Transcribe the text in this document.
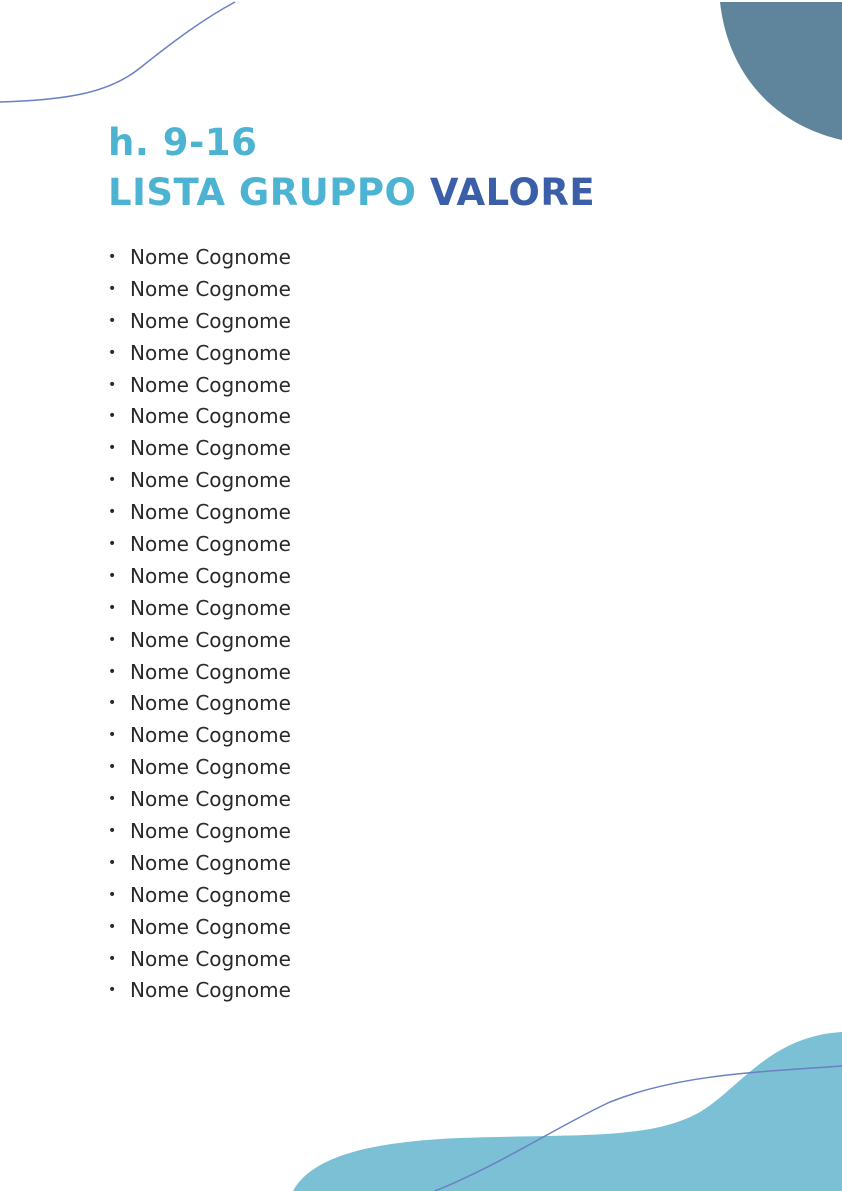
h. 9-16
LISTA GRUPPO VALORE
• Nome Cognome
• Nome Cognome
• Nome Cognome
• Nome Cognome
• Nome Cognome
• Nome Cognome
• Nome Cognome
• Nome Cognome
• Nome Cognome
• Nome Cognome
• Nome Cognome
• Nome Cognome
• Nome Cognome
• Nome Cognome
• Nome Cognome
• Nome Cognome
• Nome Cognome
• Nome Cognome
• Nome Cognome
• Nome Cognome
• Nome Cognome
• Nome Cognome
• Nome Cognome
• Nome Cognome
